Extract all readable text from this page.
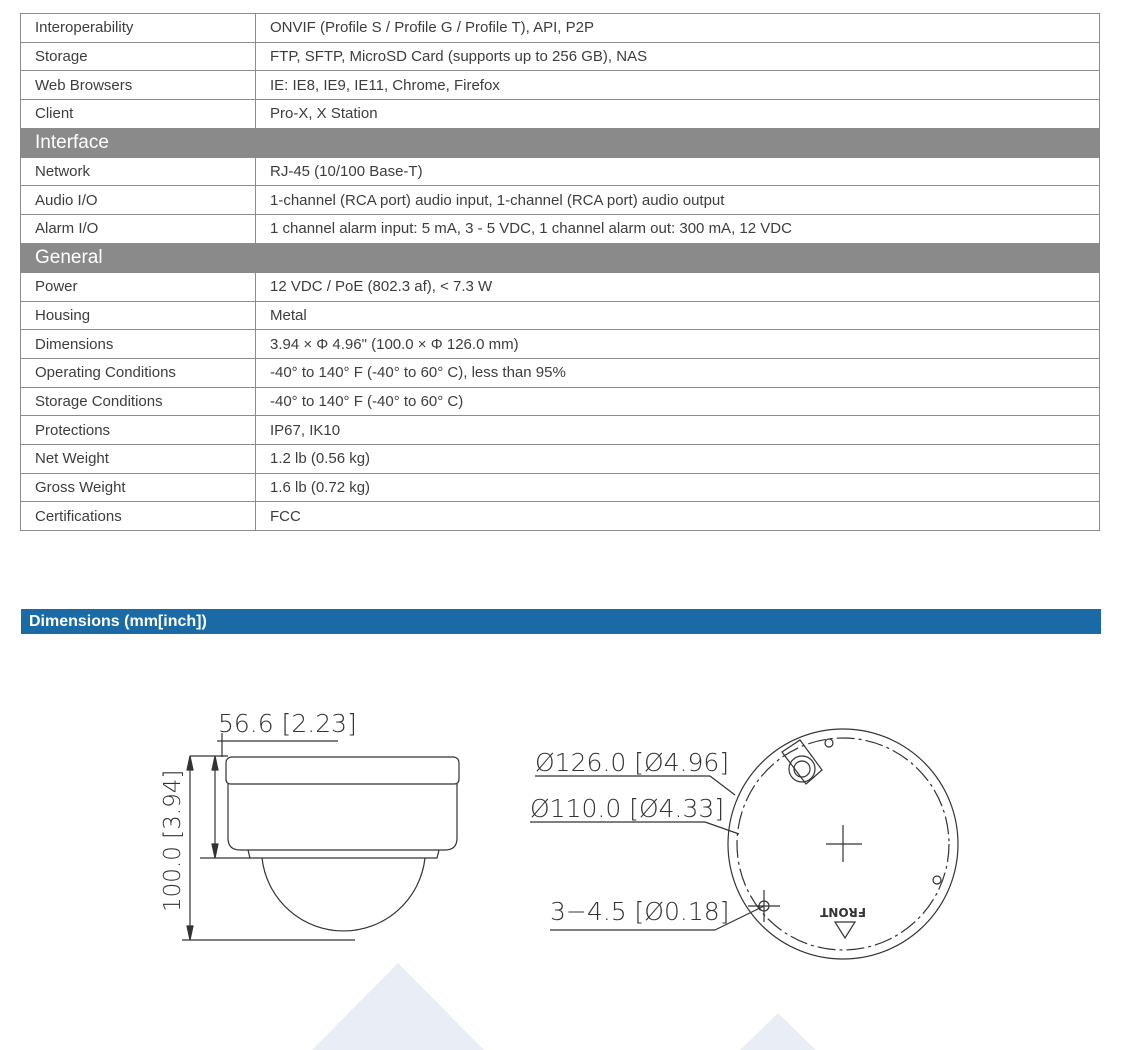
Interoperability	ONVIF (Profile S / Profile G / Profile T), API, P2P
Storage	FTP, SFTP, MicroSD Card (supports up to 256 GB), NAS
Web Browsers	IE: IE8, IE9, IE11, Chrome, Firefox
Client	Pro-X, X Station
Interface	
Network	RJ-45 (10/100 Base-T)
Audio I/O	1-channel (RCA port) audio input, 1-channel (RCA port) audio output
Alarm I/O	1 channel alarm input: 5 mA, 3 - 5 VDC, 1 channel alarm out: 300 mA, 12 VDC
General	
Power	12 VDC / PoE (802.3 af), < 7.3 W
Housing	Metal
Dimensions	3.94 × Φ 4.96" (100.0 × Φ 126.0 mm)
Operating Conditions	-40° to 140° F (-40° to 60° C), less than 95%
Storage Conditions	-40° to 140° F (-40° to 60° C)
Protections	IP67, IK10
Net Weight	1.2 lb (0.56 kg)
Gross Weight	1.6 lb (0.72 kg)
Certifications	FCC
Dimensions (mm[inch])
56.6 [2.23]
100.0 [3.94]
Ø126.0 [Ø4.96]
Ø110.0 [Ø4.33]
3−4.5 [Ø0.18]	FRONT
